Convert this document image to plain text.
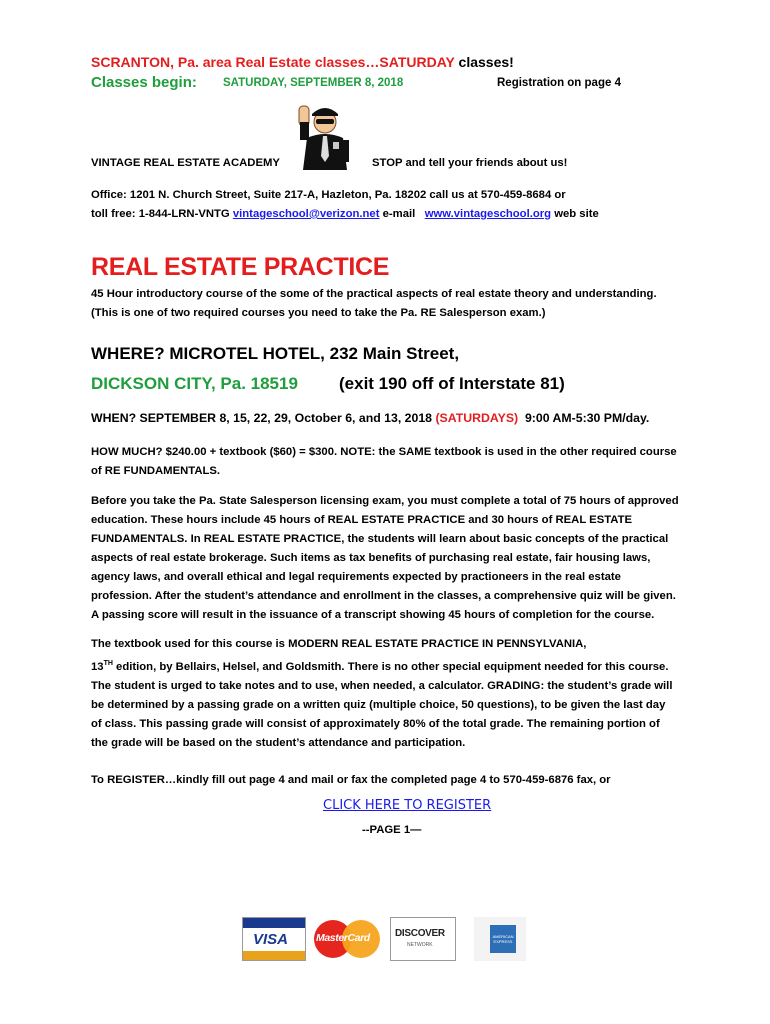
SCRANTON, Pa. area Real Estate classes…SATURDAY classes!
Classes begin: SATURDAY, SEPTEMBER 8, 2018	Registration on page 4
VINTAGE REAL ESTATE ACADEMY	STOP and tell your friends about us!
Office: 1201 N. Church Street, Suite 217-A, Hazleton, Pa. 18202 call us at 570-459-8684 or
toll free: 1-844-LRN-VNTG vintageschool@verizon.net e-mail www.vintageschool.org web site
REAL ESTATE PRACTICE
45 Hour introductory course of the some of the practical aspects of real estate theory and understanding.
(This is one of two required courses you need to take the Pa. RE Salesperson exam.)
WHERE? MICROTEL HOTEL, 232 Main Street,
DICKSON CITY, Pa. 18519 (exit 190 off of Interstate 81)
WHEN? SEPTEMBER 8, 15, 22, 29, October 6, and 13, 2018 (SATURDAYS) 9:00 AM-5:30 PM/day.
HOW MUCH? $240.00 + textbook ($60) = $300. NOTE: the SAME textbook is used in the other required course
of RE FUNDAMENTALS.
Before you take the Pa. State Salesperson licensing exam, you must complete a total of 75 hours of approved
education. These hours include 45 hours of REAL ESTATE PRACTICE and 30 hours of REAL ESTATE
FUNDAMENTALS. In REAL ESTATE PRACTICE, the students will learn about basic concepts of the practical
aspects of real estate brokerage. Such items as tax benefits of purchasing real estate, fair housing laws,
agency laws, and overall ethical and legal requirements expected by practioneers in the real estate
profession. After the student’s attendance and enrollment in the classes, a comprehensive quiz will be given.
A passing score will result in the issuance of a transcript showing 45 hours of completion for the course.
The textbook used for this course is MODERN REAL ESTATE PRACTICE IN PENNSYLVANIA,
13TH edition, by Bellairs, Helsel, and Goldsmith. There is no other special equipment needed for this course.
The student is urged to take notes and to use, when needed, a calculator. GRADING: the student’s grade will
be determined by a passing grade on a written quiz (multiple choice, 50 questions), to be given the last day
of class. This passing grade will consist of approximately 80% of the total grade. The remaining portion of
the grade will be based on the student’s attendance and participation.
To REGISTER…kindly fill out page 4 and mail or fax the completed page 4 to 570-459-6876 fax, or
CLICK HERE TO REGISTER
--PAGE 1—
VISA	MasterCard	DISCOVER
NETWORK
AMERICAN EXPRESS
